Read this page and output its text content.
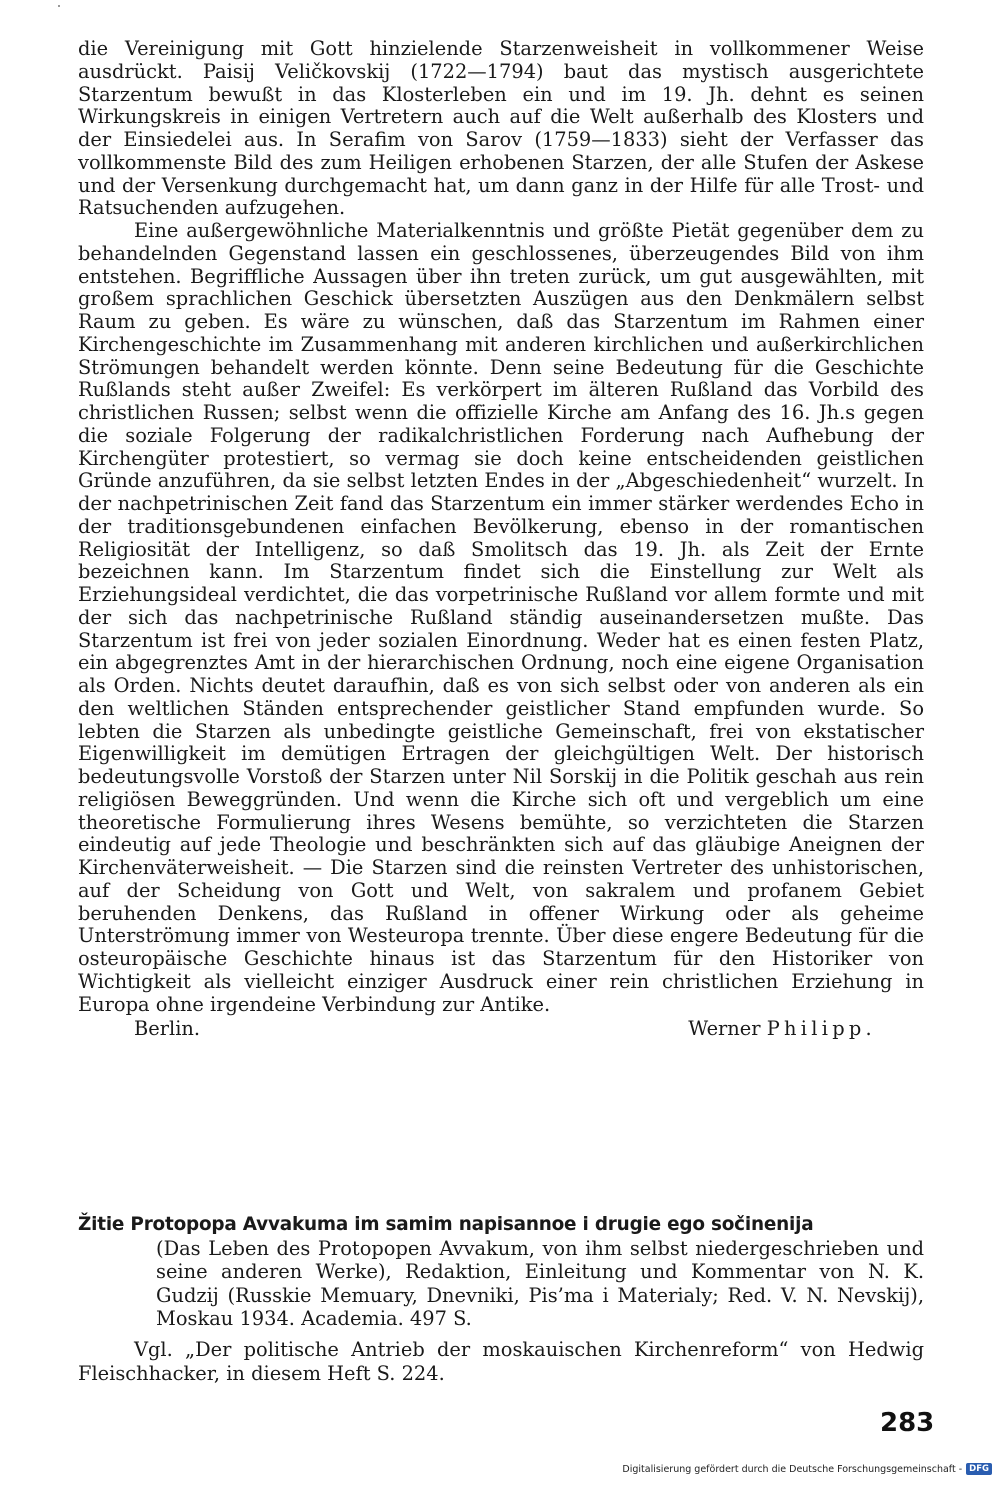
die Vereinigung mit Gott hinzielende Starzenweisheit in vollkommener Weise ausdrückt. Paisij Veličkovskij (1722—1794) baut das mystisch ausgerichtete Starzentum bewußt in das Klosterleben ein und im 19. Jh. dehnt es seinen Wirkungskreis in einigen Vertretern auch auf die Welt außerhalb des Klosters und der Einsiedelei aus. In Serafim von Sarov (1759—1833) sieht der Verfasser das vollkommenste Bild des zum Heiligen erhobenen Starzen, der alle Stufen der Askese und der Versenkung durchgemacht hat, um dann ganz in der Hilfe für alle Trost- und Ratsuchenden aufzugehen.

Eine außergewöhnliche Materialkenntnis und größte Pietät gegenüber dem zu behandelnden Gegenstand lassen ein geschlossenes, überzeugendes Bild von ihm entstehen. Begriffliche Aussagen über ihn treten zurück, um gut ausgewählten, mit großem sprachlichen Geschick übersetzten Auszügen aus den Denkmälern selbst Raum zu geben. Es wäre zu wünschen, daß das Starzentum im Rahmen einer Kirchengeschichte im Zusammenhang mit anderen kirchlichen und außerkirchlichen Strömungen behandelt werden könnte. Denn seine Bedeutung für die Geschichte Rußlands steht außer Zweifel: Es verkörpert im älteren Rußland das Vorbild des christlichen Russen; selbst wenn die offizielle Kirche am Anfang des 16. Jh.s gegen die soziale Folgerung der radikalchristlichen Forderung nach Aufhebung der Kirchengüter protestiert, so vermag sie doch keine entscheidenden geistlichen Gründe anzuführen, da sie selbst letzten Endes in der „Abgeschiedenheit“ wurzelt. In der nachpetrinischen Zeit fand das Starzentum ein immer stärker werdendes Echo in der traditionsgebundenen einfachen Bevölkerung, ebenso in der romantischen Religiosität der Intelligenz, so daß Smolitsch das 19. Jh. als Zeit der Ernte bezeichnen kann. Im Starzentum findet sich die Einstellung zur Welt als Erziehungsideal verdichtet, die das vorpetrinische Rußland vor allem formte und mit der sich das nachpetrinische Rußland ständig auseinandersetzen mußte. Das Starzentum ist frei von jeder sozialen Einordnung. Weder hat es einen festen Platz, ein abgegrenztes Amt in der hierarchischen Ordnung, noch eine eigene Organisation als Orden. Nichts deutet daraufhin, daß es von sich selbst oder von anderen als ein den weltlichen Ständen entsprechender geistlicher Stand empfunden wurde. So lebten die Starzen als unbedingte geistliche Gemeinschaft, frei von ekstatischer Eigenwilligkeit im demütigen Ertragen der gleichgültigen Welt. Der historisch bedeutungsvolle Vorstoß der Starzen unter Nil Sorskij in die Politik geschah aus rein religiösen Beweggründen. Und wenn die Kirche sich oft und vergeblich um eine theoretische Formulierung ihres Wesens bemühte, so verzichteten die Starzen eindeutig auf jede Theologie und beschränkten sich auf das gläubige Aneignen der Kirchenväterweisheit. — Die Starzen sind die reinsten Vertreter des unhistorischen, auf der Scheidung von Gott und Welt, von sakralem und profanem Gebiet beruhenden Denkens, das Rußland in offener Wirkung oder als geheime Unterströmung immer von Westeuropa trennte. Über diese engere Bedeutung für die osteuropäische Geschichte hinaus ist das Starzentum für den Historiker von Wichtigkeit als vielleicht einziger Ausdruck einer rein christlichen Erziehung in Europa ohne irgendeine Verbindung zur Antike.

Berlin.	Werner Philipp.

Žitie Protopopa Avvakuma im samim napisannoe i drugie ego sočinenija

(Das Leben des Protopopen Avvakum, von ihm selbst niedergeschrieben und seine anderen Werke), Redaktion, Einleitung und Kommentar von N. K. Gudzij (Russkie Memuary, Dnevniki, Pis’ma i Materialy; Red. V. N. Nevskij), Moskau 1934. Academia. 497 S.

Vgl. „Der politische Antrieb der moskauischen Kirchenreform“ von Hedwig Fleischhacker, in diesem Heft S. 224.

283
Digitalisierung gefördert durch die Deutsche Forschungsgemeinschaft - DFG
